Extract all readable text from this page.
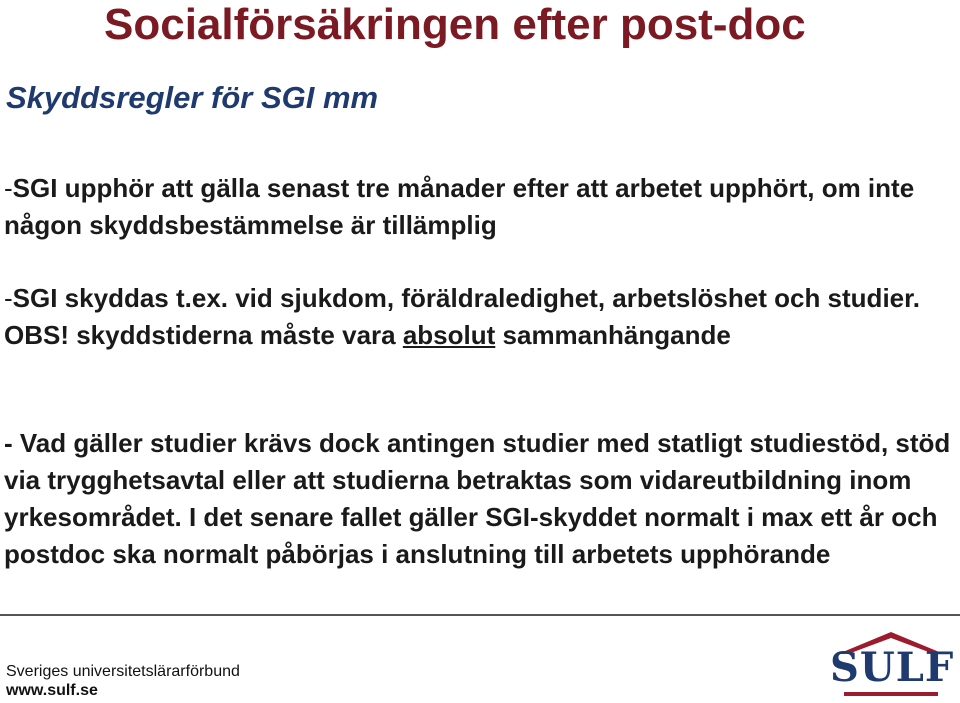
Socialförsäkringen efter post-doc
Skyddsregler för SGI mm
-SGI upphör att gälla senast tre månader efter att arbetet upphört, om inte någon skyddsbestämmelse är tillämplig
-SGI skyddas t.ex. vid sjukdom, föräldraledighet, arbetslöshet och studier. OBS! skyddstiderna måste vara absolut sammanhängande
- Vad gäller studier krävs dock antingen studier med statligt studiestöd, stöd via trygghetsavtal eller att studierna betraktas som vidareutbildning inom yrkesområdet. I det senare fallet gäller SGI-skyddet normalt i max ett år och postdoc ska normalt påbörjas i anslutning till arbetets upphörande
Sveriges universitetslärarförbund
www.sulf.se	SULF
